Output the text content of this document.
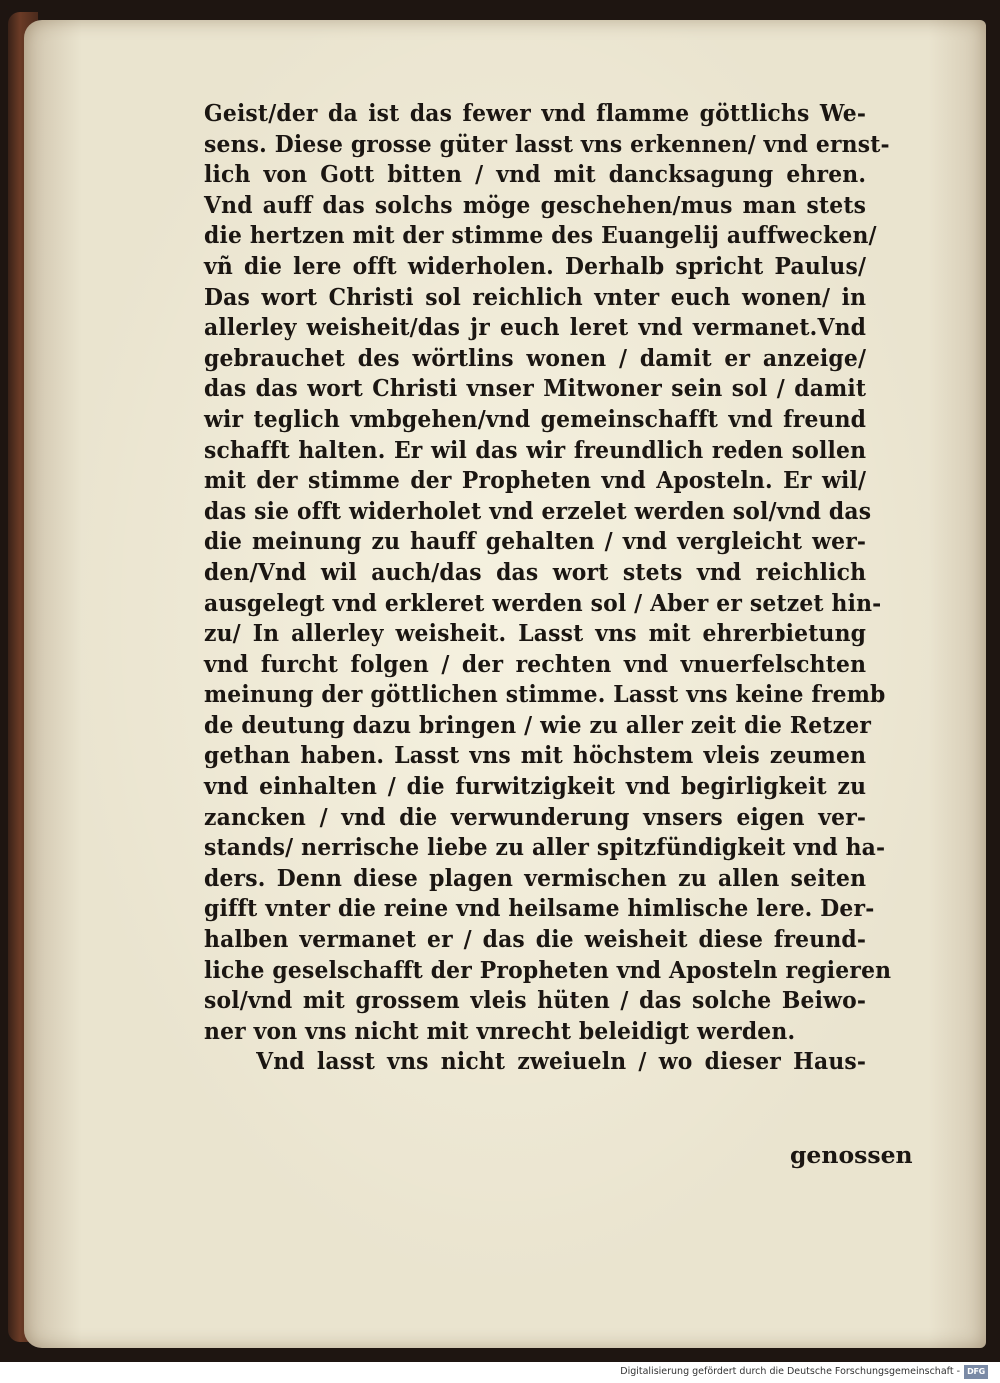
Geist/der da ist das fewer vnd flamme göttlichs We-
sens. Diese grosse güter lasst vns erkennen/ vnd ernst-
lich von Gott bitten / vnd mit dancksagung ehren.
Vnd auff das solchs möge geschehen/mus man stets
die hertzen mit der stimme des Euangelij auffwecken/
vñ die lere offt widerholen. Derhalb spricht Paulus/
Das wort Christi sol reichlich vnter euch wonen/ in
allerley weisheit/das jr euch leret vnd vermanet.Vnd
gebrauchet des wörtlins wonen / damit er anzeige/
das das wort Christi vnser Mitwoner sein sol / damit
wir teglich vmbgehen/vnd gemeinschafft vnd freund
schafft halten. Er wil das wir freundlich reden sollen
mit der stimme der Propheten vnd Aposteln. Er wil/
das sie offt widerholet vnd erzelet werden sol/vnd das
die meinung zu hauff gehalten / vnd vergleicht wer-
den/Vnd wil auch/das das wort stets vnd reichlich
ausgelegt vnd erkleret werden sol / Aber er setzet hin-
zu/ In allerley weisheit. Lasst vns mit ehrerbietung
vnd furcht folgen / der rechten vnd vnuerfelschten
meinung der göttlichen stimme. Lasst vns keine fremb
de deutung dazu bringen / wie zu aller zeit die Retzer
gethan haben. Lasst vns mit höchstem vleis zeumen
vnd einhalten / die furwitzigkeit vnd begirligkeit zu
zancken / vnd die verwunderung vnsers eigen ver-
stands/ nerrische liebe zu aller spitzfündigkeit vnd ha-
ders. Denn diese plagen vermischen zu allen seiten
gifft vnter die reine vnd heilsame himlische lere. Der-
halben vermanet er / das die weisheit diese freund-
liche geselschafft der Propheten vnd Aposteln regieren
sol/vnd mit grossem vleis hüten / das solche Beiwo-
ner von vns nicht mit vnrecht beleidigt werden.
Vnd lasst vns nicht zweiueln / wo dieser Haus-
genossen
Digitalisierung gefördert durch die Deutsche Forschungsgemeinschaft - DFG
